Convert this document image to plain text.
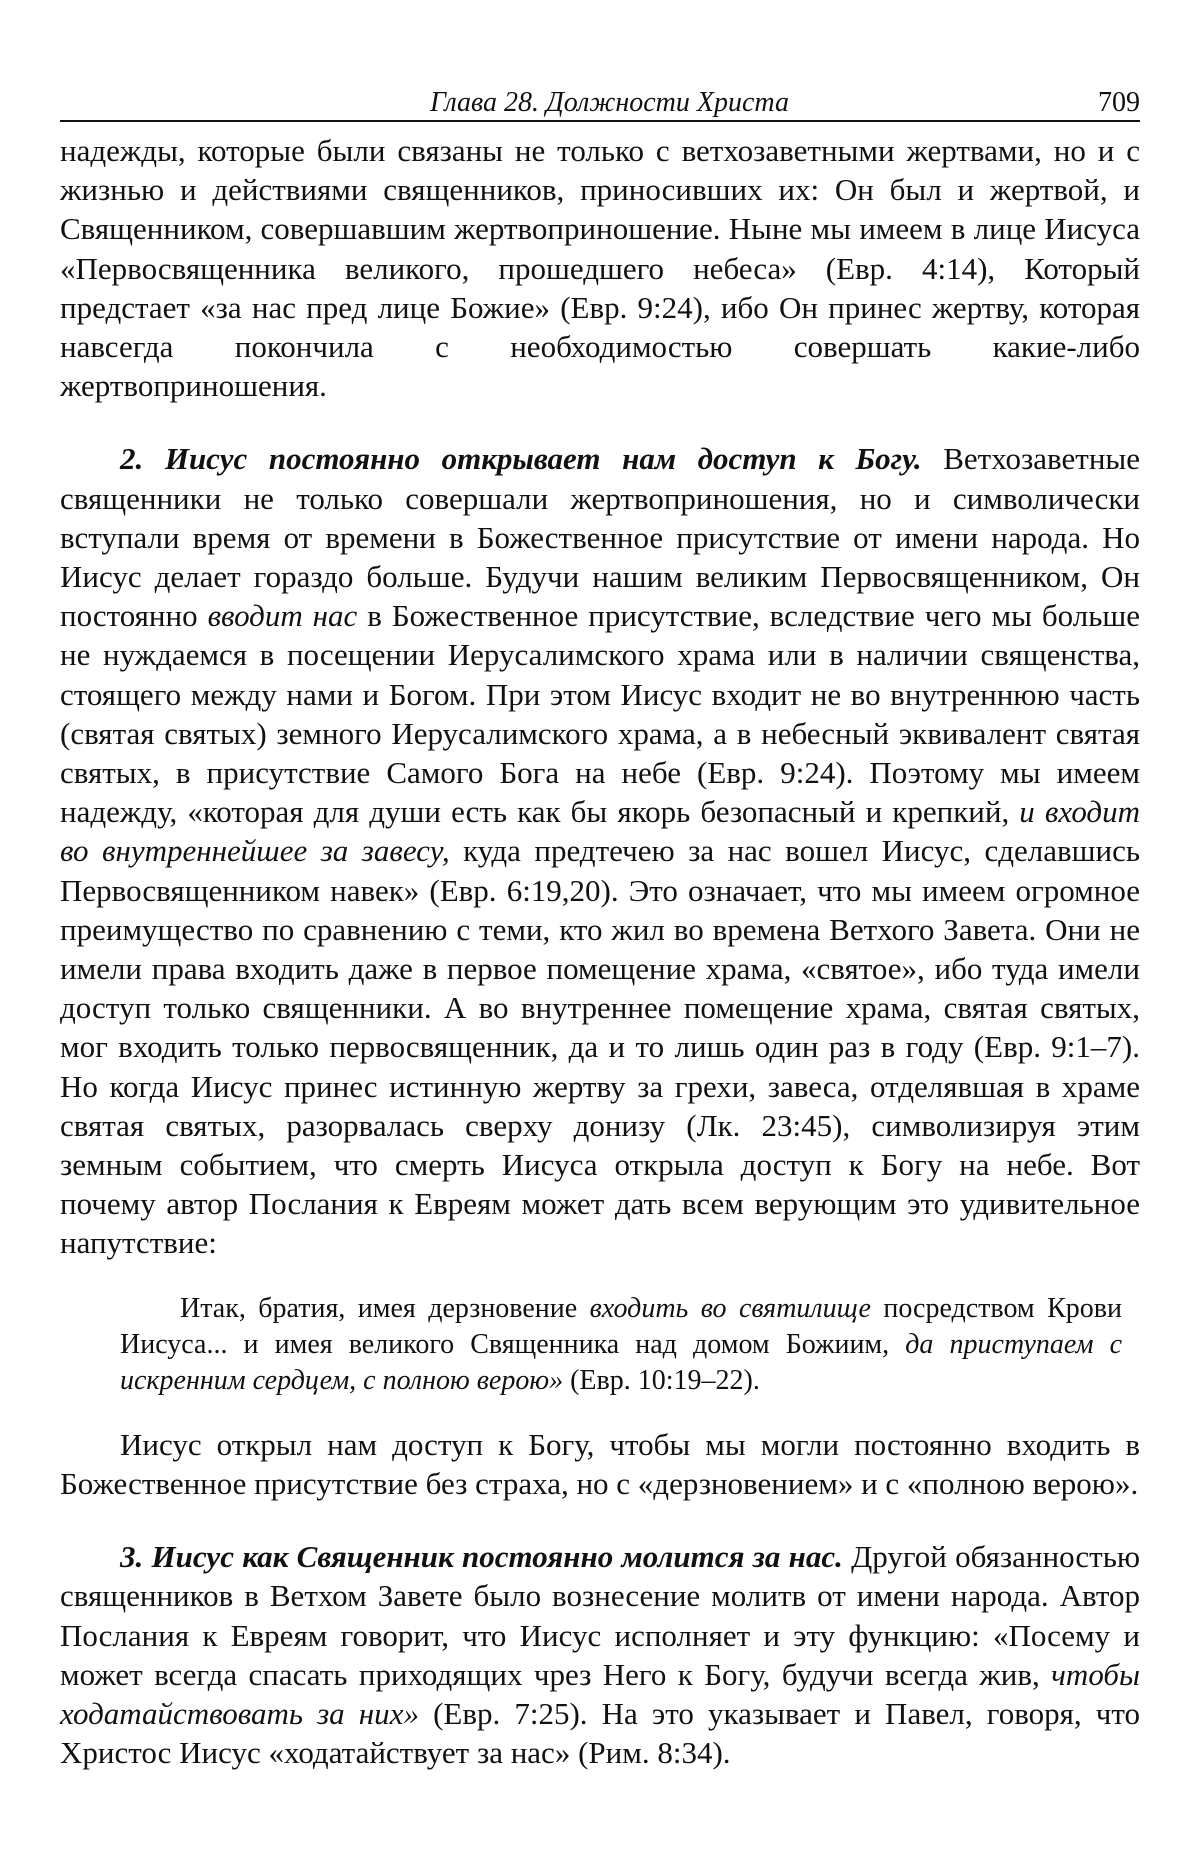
Глава 28. Должности Христа	709

надежды, которые были связаны не только с ветхозаветными жертвами, но и с жизнью и действиями священников, приносивших их: Он был и жертвой, и Священником, совершавшим жертвоприношение. Ныне мы имеем в лице Иисуса «Первосвященника великого, прошедшего небеса» (Евр. 4:14), Который предстает «за нас пред лице Божие» (Евр. 9:24), ибо Он принес жертву, которая навсегда покончила с необходимостью совершать какие-либо жертвоприношения.

2. Иисус постоянно открывает нам доступ к Богу. Ветхозаветные священники не только совершали жертвоприношения, но и символически вступали время от времени в Божественное присутствие от имени народа. Но Иисус делает гораздо больше. Будучи нашим великим Первосвященником, Он постоянно вводит нас в Божественное присутствие, вследствие чего мы больше не нуждаемся в посещении Иерусалимского храма или в наличии священства, стоящего между нами и Богом. При этом Иисус входит не во внутреннюю часть (святая святых) земного Иерусалимского храма, а в небесный эквивалент святая святых, в присутствие Самого Бога на небе (Евр. 9:24). Поэтому мы имеем надежду, «которая для души есть как бы якорь безопасный и крепкий, и входит во внутреннейшее за завесу, куда предтечею за нас вошел Иисус, сделавшись Первосвященником навек» (Евр. 6:19,20). Это означает, что мы имеем огромное преимущество по сравнению с теми, кто жил во времена Ветхого Завета. Они не имели права входить даже в первое помещение храма, «святое», ибо туда имели доступ только священники. А во внутреннее помещение храма, святая святых, мог входить только первосвященник, да и то лишь один раз в году (Евр. 9:1–7). Но когда Иисус принес истинную жертву за грехи, завеса, отделявшая в храме святая святых, разорвалась сверху донизу (Лк. 23:45), символизируя этим земным событием, что смерть Иисуса открыла доступ к Богу на небе. Вот почему автор Послания к Евреям может дать всем верующим это удивительное напутствие:

Итак, братия, имея дерзновение входить во святилище посредством Крови Иисуса... и имея великого Священника над домом Божиим, да приступаем с искренним сердцем, с полною верою» (Евр. 10:19–22).

Иисус открыл нам доступ к Богу, чтобы мы могли постоянно входить в Божественное присутствие без страха, но с «дерзновением» и с «полною верою».

3. Иисус как Священник постоянно молится за нас. Другой обязанностью священников в Ветхом Завете было вознесение молитв от имени народа. Автор Послания к Евреям говорит, что Иисус исполняет и эту функцию: «Посему и может всегда спасать приходящих чрез Него к Богу, будучи всегда жив, чтобы ходатайствовать за них» (Евр. 7:25). На это указывает и Павел, говоря, что Христос Иисус «ходатайствует за нас» (Рим. 8:34).
